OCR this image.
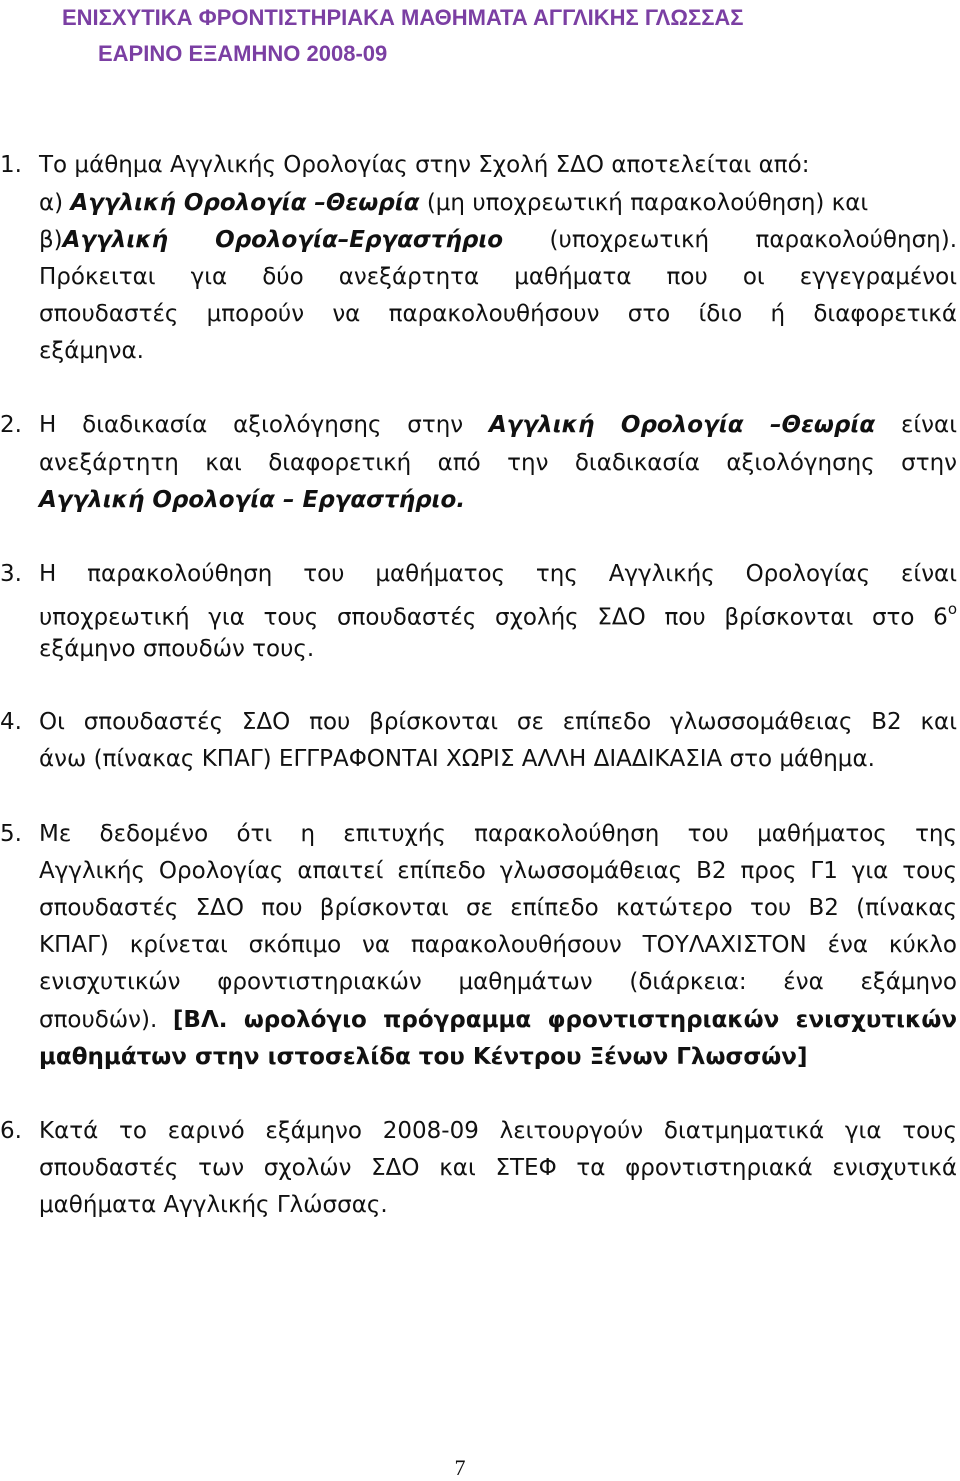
ΕΝΙΣΧΥΤΙΚΑ ΦΡΟΝΤΙΣΤΗΡΙΑΚΑ ΜΑΘΗΜΑΤΑ ΑΓΓΛΙΚΗΣ ΓΛΩΣΣΑΣ
ΕΑΡΙΝΟ ΕΞΑΜΗΝΟ 2008-09
1. Το μάθημα Αγγλικής Ορολογίας στην Σχολή ΣΔΟ αποτελείται από:
α) Αγγλική Ορολογία –Θεωρία (μη υποχρεωτική παρακολούθηση) και
β)Αγγλική Ορολογία–Εργαστήριο (υποχρεωτική παρακολούθηση).
Πρόκειται για δύο ανεξάρτητα μαθήματα που οι εγγεγραμένοι
σπουδαστές μπορούν να παρακολουθήσουν στο ίδιο ή διαφορετικά
εξάμηνα.
2. Η διαδικασία αξιολόγησης στην Αγγλική Ορολογία –Θεωρία είναι
ανεξάρτητη και διαφορετική από την διαδικασία αξιολόγησης στην
Αγγλική Ορολογία – Εργαστήριο.
3. Η παρακολούθηση του μαθήματος της Αγγλικής Ορολογίας είναι
υποχρεωτική για τους σπουδαστές σχολής ΣΔΟ που βρίσκονται στο $6^o$
εξάμηνο σπουδών τους.
4. Οι σπουδαστές ΣΔΟ που βρίσκονται σε επίπεδο γλωσσομάθειας Β2 και
άνω (πίνακας ΚΠΑΓ) ΕΓΓΡΑΦΟΝΤΑΙ ΧΩΡΙΣ ΑΛΛΗ ΔΙΑΔΙΚΑΣΙΑ στο μάθημα.
5. Με δεδομένο ότι η επιτυχής παρακολούθηση του μαθήματος της
Αγγλικής Ορολογίας απαιτεί επίπεδο γλωσσομάθειας Β2 προς Γ1 για τους
σπουδαστές ΣΔΟ που βρίσκονται σε επίπεδο κατώτερο του Β2 (πίνακας
ΚΠΑΓ) κρίνεται σκόπιμο να παρακολουθήσουν ΤΟΥΛΑΧΙΣΤΟΝ ένα κύκλο
ενισχυτικών φροντιστηριακών μαθημάτων (διάρκεια: ένα εξάμηνο
σπουδών). [ΒΛ. ωρολόγιο πρόγραμμα φροντιστηριακών ενισχυτικών
μαθημάτων στην ιστοσελίδα του Κέντρου Ξένων Γλωσσών]
6. Κατά το εαρινό εξάμηνο 2008-09 λειτουργούν διατμηματικά για τους
σπουδαστές των σχολών ΣΔΟ και ΣΤΕΦ τα φροντιστηριακά ενισχυτικά
μαθήματα Αγγλικής Γλώσσας.
7
